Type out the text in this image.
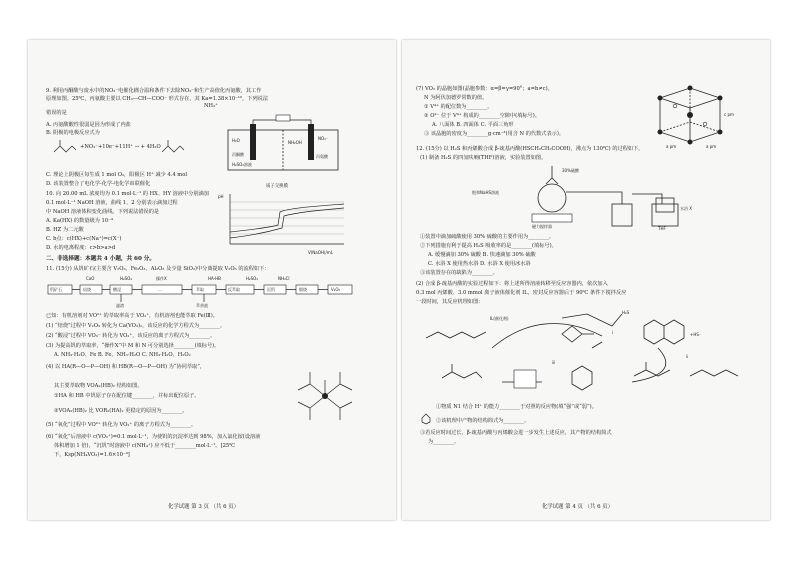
9. 利用丙酮酸与废水中的NO₃⁻电催化耦合温和条件下去除NO₃⁻和生产高值化丙氨酸，其工作
原理如图。25℃，丙氨酸主要以 CH₃—CH—COO⁻ 形式存在，其 Ka=1.38×10⁻¹⁰，下列说法
NH₃⁺
错误的是
A. 丙氨酸酸性很弱是因为形成了内盐
B. 阴极的电极反应式为
+NO₃⁻+10e⁻+11H⁺ → + 4H₂O
C. 理论上阴极区每生成 1 mol O₂，阳极区 H⁺ 减少 4.4 mol
D. 该装置整合了电化学-化学-电化学串联催化
丙酮酸
H₂O
H₂SO₄溶液
NH₂OH
NO₃⁻
丙氨酸
质子交换膜
10. 向 20.00 mL 浓度均为 0.1 mol·L⁻¹ 的 HX、HY 溶液中分别滴加
0.1 mol·L⁻¹ NaOH 溶液，曲线 1、2 分别表示滴加过程
中 NaOH 溶液体积变化曲线。下列说法错误的是
A. Ka(HX) 的数量级为 10⁻⁴
B. HZ 为二元酸
C. b点：c(HX)+c(Na⁺)=c(X⁻)
D. 水的电离程度：c>b>a>d
pH
V(NaOH)/mL
二、非选择题：本题共 4 小题，共 60 分。
11. (15分) 从钒矿石(主要含 V₂O₃、Fe₂O₃、Al₂O₃ 及少量 SiO₂)中分离提取 V₂O₅ 的流程如下：
CaO	H₂SO₄	操作X	HA-HB	H₂SO₄	NH₄Cl
钒矿石	焙烧	酸浸	…	萃取	反萃取	沉钒	煅烧	V₂O₅
滤渣	萃余液
已知：有机溶剂对 VO²⁺ 的萃取率高于 VO₂⁺，有机溶剂也能萃取 Fe(Ⅲ)。
(1) “焙烧”过程中 V₂O₃ 转化为 Ca(VO₃)₂，该反应的化学方程式为________。
(2) “酸浸”过程中 VO₃⁻ 转化为 VO₂⁺，该反应的离子方程式为________。
(3) 为提高钒的萃取率，“操作X”中 M 和 N 可分别选择________(填标号)。
A. NH₃·H₂O、Fe B. Fe、NH₃·H₂O C. NH₃·H₂O、H₂O₂
(4) 以 HA(R—O—P—OH) 和 HB(R—O—P—OH) 为“协同萃取”，
其主要萃取物 VOA₂(HB)₂ 结构如图。
①HA 和 HB 中钒原子存在配位键________，并标出配位原子。
②VOA₂(HB)₂ 比 VOR₂(HA)₂ 更稳定的原因为________。
(5) “氧化”过程中 VO²⁺ 转化为 VO₂⁺ 的离子方程式为________。
(6) “氧化”后溶液中 c(VO₂⁺)=0.1 mol·L⁻¹，为使钒的沉淀率达到 98%，加入氯化铵(设溶液
体积增加 1 倍)，“沉钒”时溶液中 c(NH₄⁺) 应不低于________mol·L⁻¹。[25℃
下，Ksp(NH₄VO₃)=1.6×10⁻³]
化学试题 第 3 页 （共 6 页）
(7) VO₂ 的晶胞如图(晶胞参数：α=β=γ=90°；a=b≠c)。
N 为阿伏加德罗常数的值。
① V⁴⁺ 的配位数为________。
② O²⁻ 位于 V⁴⁺ 构成的________空隙中(填标号)。
A. 八面体 B. 四面体 C. 平面三角形
③ 该晶胞的密度为________g·cm⁻³(用含 N 的代数式表示)。
c pm
a pm	a pm
12. (15分) 以 H₂S 和丙烯酸合成 β-巯基丙酸(HSCH₂CH₂COOH)，沸点为 130℃) 的过程如下。
(1) 制备 H₂S 的四氢呋喃(THF)溶液，实验装置如图。
30%硫酸
饱和NaHS溶液
磁力搅拌器
水浴 X
THF
①装置中滴加硫酸使用 30% 硫酸的主要作用为________。
②下列措施有利于提高 H₂S 吸收率的是________(填标号)。
A. 缓慢滴加 30% 硫酸 B. 快速滴加 30% 硫酸
C. 水浴 X 使用热水浴 D. 水浴 X 使用冰水浴
③该装置存在的缺陷为________。
(2) 合成 β-巯基丙酸的实验过程如下：将上述所得溶液转移至反应容器内，依次加入
0.3 mol 丙烯酸、3.0 mmol 离子液体催化剂 IL，密封反应容器后于 90℃ 条件下搅拌反应
一段时间，其反应机理如图：
IL(催化剂)
H₂S
i
ii
iii
+HS⁻
①物质 N1 结合 H⁺ 的能力________于对照的反应物(填“强”或“弱”)。
②该机理中产物的结构简式为________。
③若反应时间过长，β-巯基丙酸与丙烯酸会进一步发生上述反应，其产物的结构简式
为________。
化学试题 第 4 页 （共 6 页）
